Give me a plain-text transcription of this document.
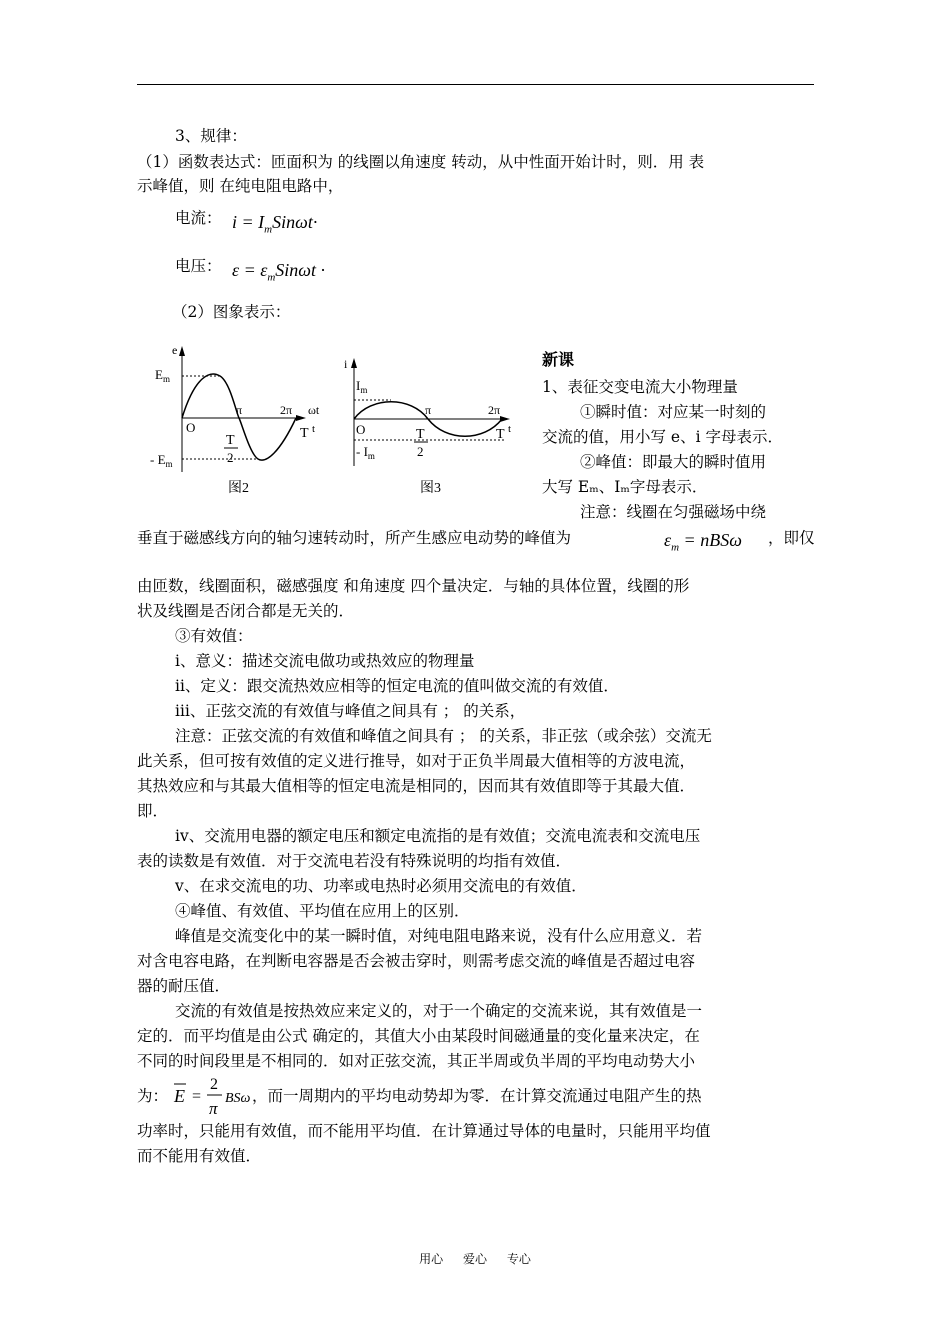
3、规律：
（1）函数表达式：匝面积为 的线圈以角速度 转动，从中性面开始计时，则．用 表
示峰值，则 在纯电阻电路中，
电流： $i = I_mSin\omega t\cdot$
电压： $\varepsilon = \varepsilon_mSin\omega t$ ·
（2）图象表示：
e
$E_m$
O
π	2π ωt
t
T
T
2
- $E_m$
图2
i
$I_m$
O
π	2π
t
T
T
2
- $I_m$
图3
新课
1、表征交变电流大小物理量
①瞬时值：对应某一时刻的
交流的值，用小写 e、i 字母表示．
②峰值：即最大的瞬时值用
大写 Eₘ、Iₘ字母表示．
注意：线圈在匀强磁场中绕
垂直于磁感线方向的轴匀速转动时，所产生感应电动势的峰值为	$\varepsilon_m = nBS\omega$ ，即仅
由匝数，线圈面积，磁感强度 和角速度 四个量决定．与轴的具体位置，线圈的形
状及线圈是否闭合都是无关的．
③有效值：
ⅰ、意义：描述交流电做功或热效应的物理量
ⅱ、定义：跟交流热效应相等的恒定电流的值叫做交流的有效值．
ⅲ、正弦交流的有效值与峰值之间具有 ； 的关系，
注意：正弦交流的有效值和峰值之间具有 ； 的关系，非正弦（或余弦）交流无
此关系，但可按有效值的定义进行推导，如对于正负半周最大值相等的方波电流，
其热效应和与其最大值相等的恒定电流是相同的，因而其有效值即等于其最大值．
即．
ⅳ、交流用电器的额定电压和额定电流指的是有效值；交流电流表和交流电压
表的读数是有效值．对于交流电若没有特殊说明的均指有效值．
ⅴ、在求交流电的功、功率或电热时必须用交流电的有效值．
④峰值、有效值、平均值在应用上的区别．
峰值是交流变化中的某一瞬时值，对纯电阻电路来说，没有什么应用意义．若
对含电容电路，在判断电容器是否会被击穿时，则需考虑交流的峰值是否超过电容
器的耐压值．
交流的有效值是按热效应来定义的，对于一个确定的交流来说，其有效值是一
定的．而平均值是由公式 确定的，其值大小由某段时间磁通量的变化量来决定，在
不同的时间段里是不相同的．如对正弦交流，其正半周或负半周的平均电动势大小
为： E =
2
π
BSω ，而一周期内的平均电动势却为零．在计算交流通过电阻产生的热
功率时，只能用有效值，而不能用平均值．在计算通过导体的电量时，只能用平均值
而不能用有效值．
用心 爱心 专心
